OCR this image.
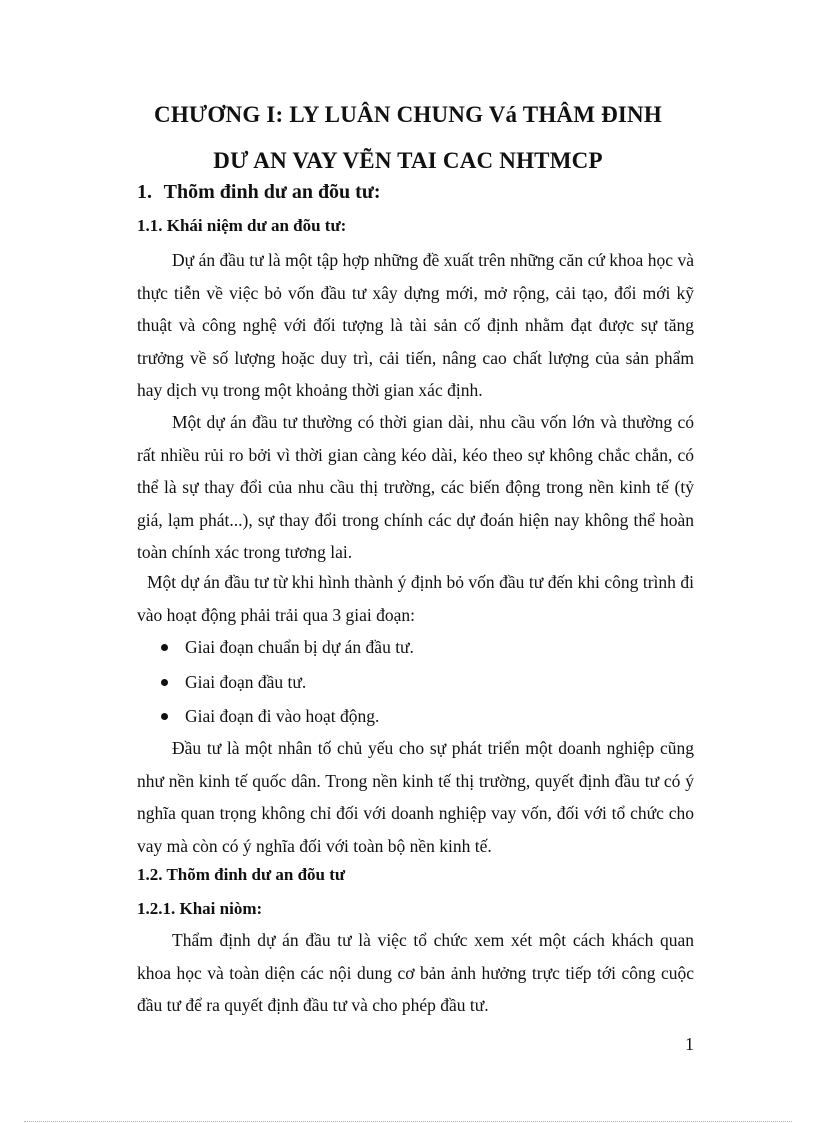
CHƯƠNG I: LY LUÂN CHUNG Vá THÂM ĐINH
DƯ AN VAY VẼN TAI CAC NHTMCP
1. Thõm đinh dư an đõu tư:
1.1. Khái niệm dư an đõu tư:

Dự án đầu tư là một tập hợp những đề xuất trên những căn cứ khoa học và thực tiễn về việc bỏ vốn đầu tư xây dựng mới, mở rộng, cải tạo, đổi mới kỹ thuật và công nghệ với đối tượng là tài sản cố định nhằm đạt được sự tăng trưởng về số lượng hoặc duy trì, cải tiến, nâng cao chất lượng của sản phẩm hay dịch vụ trong một khoảng thời gian xác định.

Một dự án đầu tư thường có thời gian dài, nhu cầu vốn lớn và thường có rất nhiều rủi ro bởi vì thời gian càng kéo dài, kéo theo sự không chắc chắn, có thể là sự thay đổi của nhu cầu thị trường, các biến động trong nền kinh tế (tỷ giá, lạm phát...), sự thay đổi trong chính các dự đoán hiện nay không thể hoàn toàn chính xác trong tương lai.

Một dự án đầu tư từ khi hình thành ý định bỏ vốn đầu tư đến khi công trình đi vào hoạt động phải trải qua 3 giai đoạn:

Giai đoạn chuẩn bị dự án đầu tư.
Giai đoạn đầu tư.
Giai đoạn đi vào hoạt động.

Đầu tư là một nhân tố chủ yếu cho sự phát triển một doanh nghiệp cũng như nền kinh tế quốc dân. Trong nền kinh tế thị trường, quyết định đầu tư có ý nghĩa quan trọng không chỉ đối với doanh nghiệp vay vốn, đối với tổ chức cho vay mà còn có ý nghĩa đối với toàn bộ nền kinh tế.

1.2. Thõm đinh dư an đõu tư
1.2.1. Khai niòm:

Thẩm định dự án đầu tư là việc tổ chức xem xét một cách khách quan khoa học và toàn diện các nội dung cơ bản ảnh hưởng trực tiếp tới công cuộc đầu tư để ra quyết định đầu tư và cho phép đầu tư.

1
